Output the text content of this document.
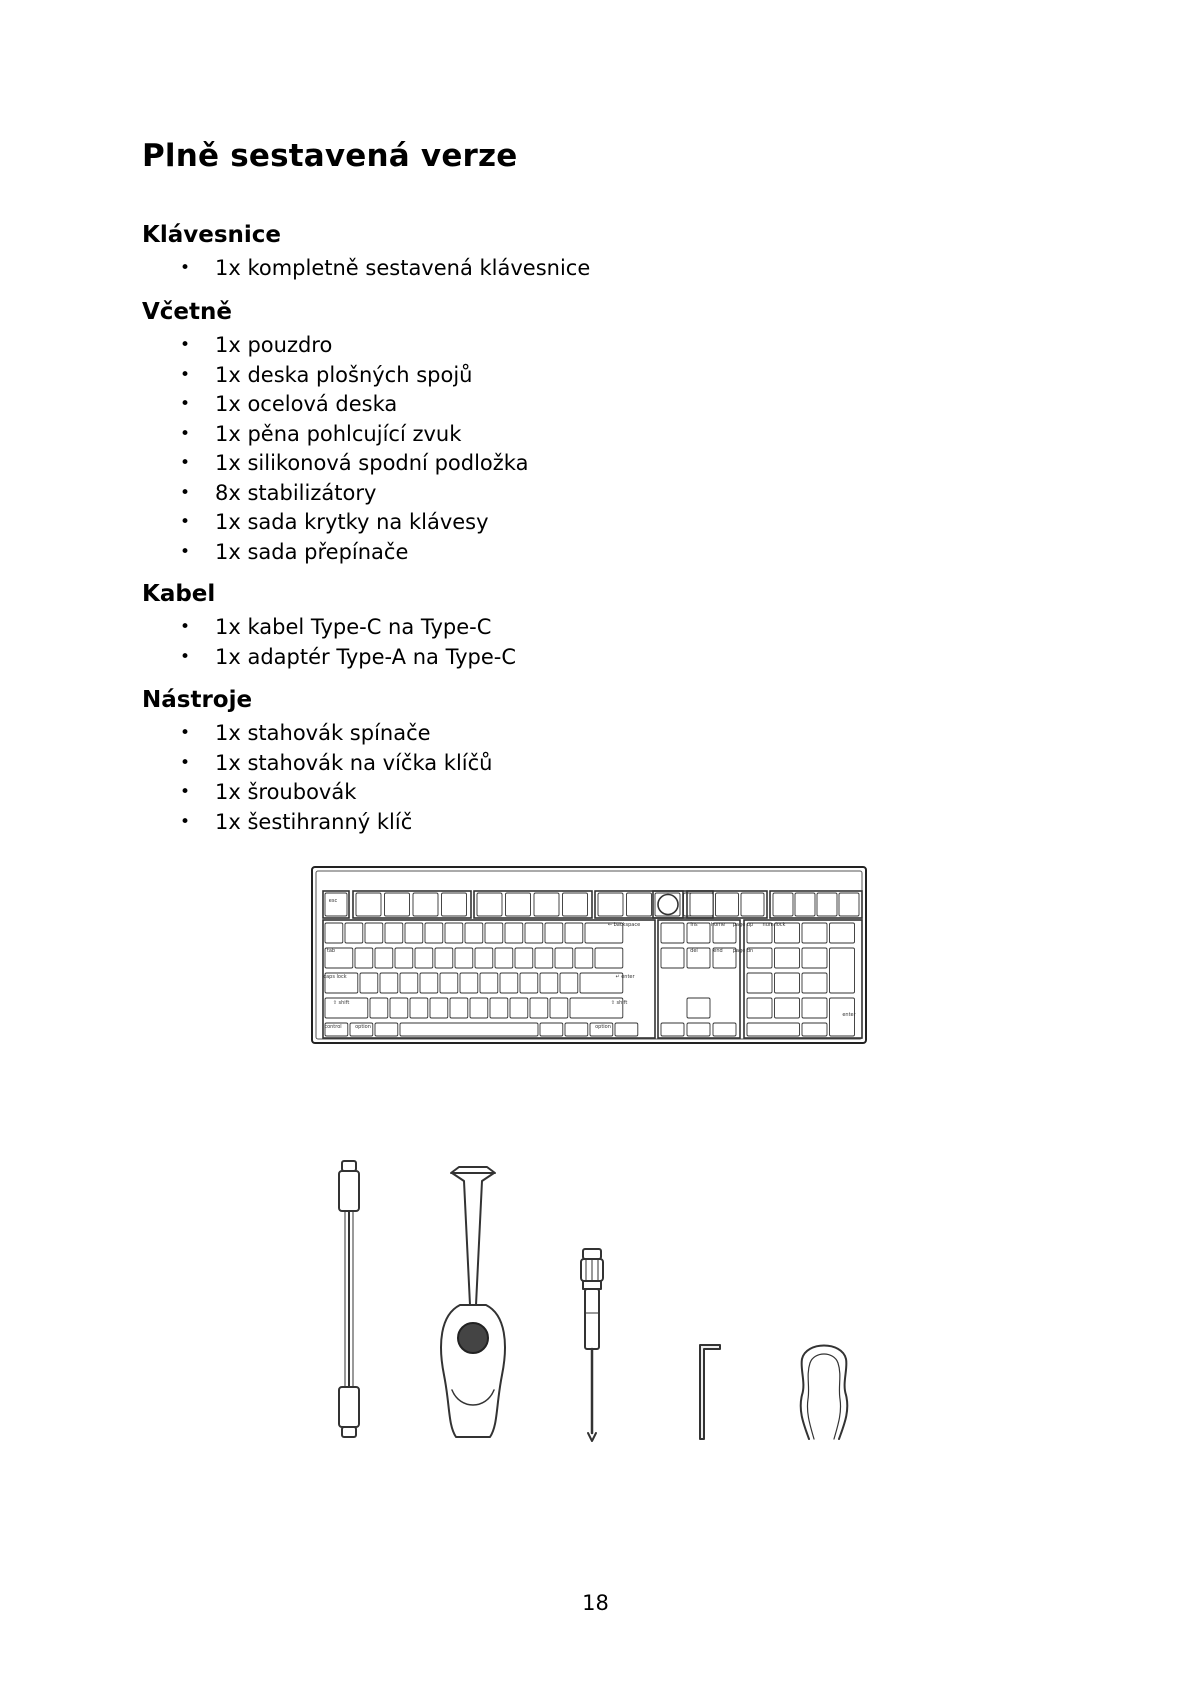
Plně sestavená verze
Klávesnice
• 1x kompletně sestavená klávesnice
Včetně
• 1x pouzdro
• 1x deska plošných spojů
• 1x ocelová deska
• 1x pěna pohlcující zvuk
• 1x silikonová spodní podložka
• 8x stabilizátory
• 1x sada krytky na klávesy
• 1x sada přepínače
Kabel
• 1x kabel Type-C na Type-C
• 1x adaptér Type-A na Type-C
Nástroje
• 1x stahovák spínače
• 1x stahovák na víčka klíčů
• 1x šroubovák
• 1x šestihranný klíč
esc
← backspace
tab
caps lock	↵ enter
⇧ shift	⇧ shift
control	option	option
ins	home page up
del	end page dn
num lock
enter
18
